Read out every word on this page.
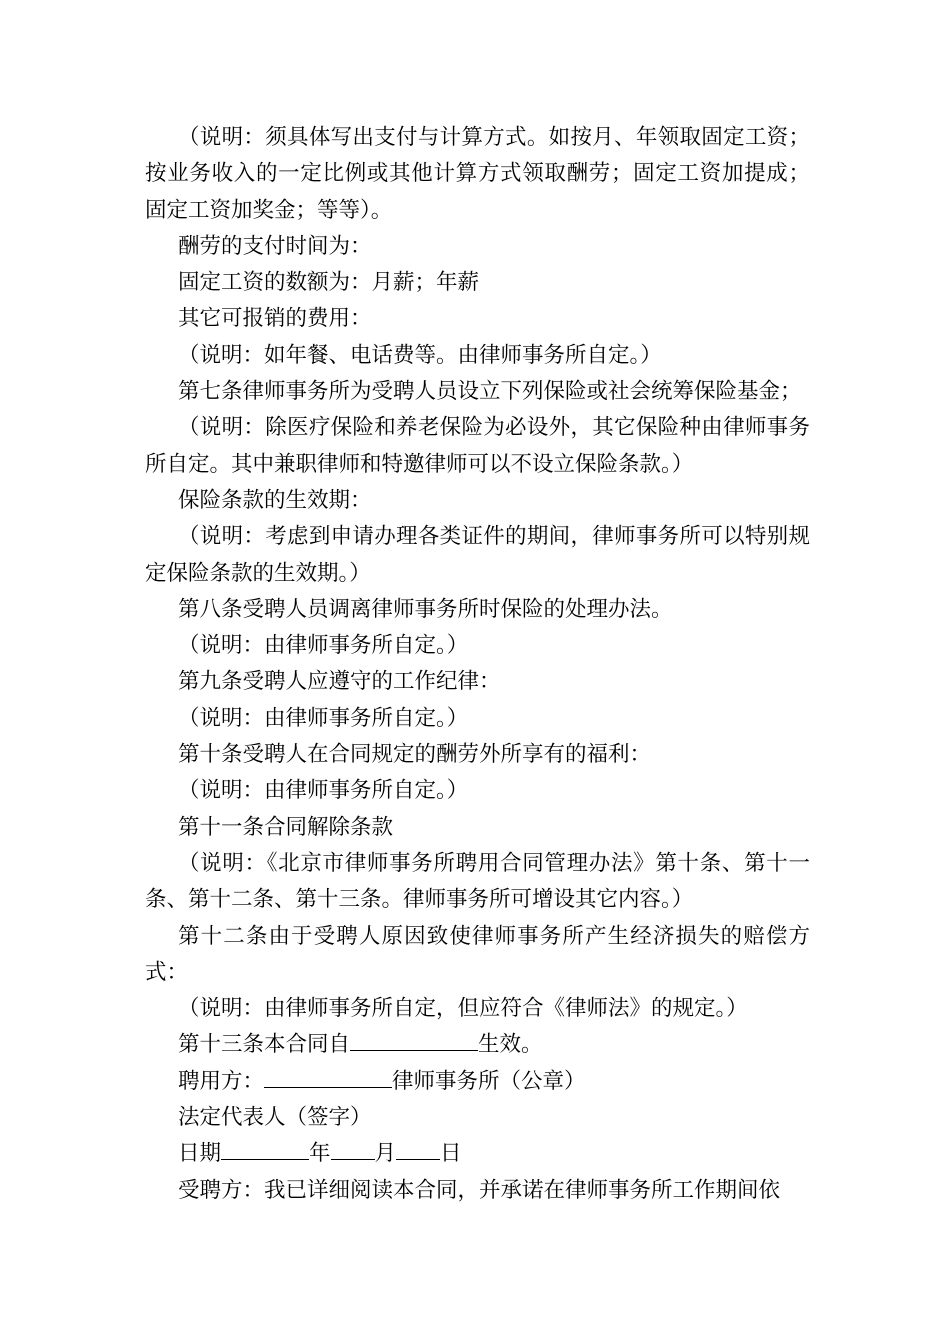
（说明：须具体写出支付与计算方式。如按月、年领取固定工资；按业务收入的一定比例或其他计算方式领取酬劳；固定工资加提成；固定工资加奖金；等等）。

酬劳的支付时间为：

固定工资的数额为：月薪；年薪

其它可报销的费用：

（说明：如年餐、电话费等。由律师事务所自定。）

第七条律师事务所为受聘人员设立下列保险或社会统筹保险基金；

（说明：除医疗保险和养老保险为必设外，其它保险种由律师事务所自定。其中兼职律师和特邀律师可以不设立保险条款。）

保险条款的生效期：

（说明：考虑到申请办理各类证件的期间，律师事务所可以特别规定保险条款的生效期。）

第八条受聘人员调离律师事务所时保险的处理办法。

（说明：由律师事务所自定。）

第九条受聘人应遵守的工作纪律：

（说明：由律师事务所自定。）

第十条受聘人在合同规定的酬劳外所享有的福利：

（说明：由律师事务所自定。）

第十一条合同解除条款

（说明：《北京市律师事务所聘用合同管理办法》第十条、第十一条、第十二条、第十三条。律师事务所可增设其它内容。）

第十二条由于受聘人原因致使律师事务所产生经济损失的赔偿方式：

（说明：由律师事务所自定，但应符合《律师法》的规定。）

第十三条本合同自	生效。

聘用方：	律师事务所（公章）

法定代表人（签字）

日期	年 月 日

受聘方：我已详细阅读本合同，并承诺在律师事务所工作期间依
